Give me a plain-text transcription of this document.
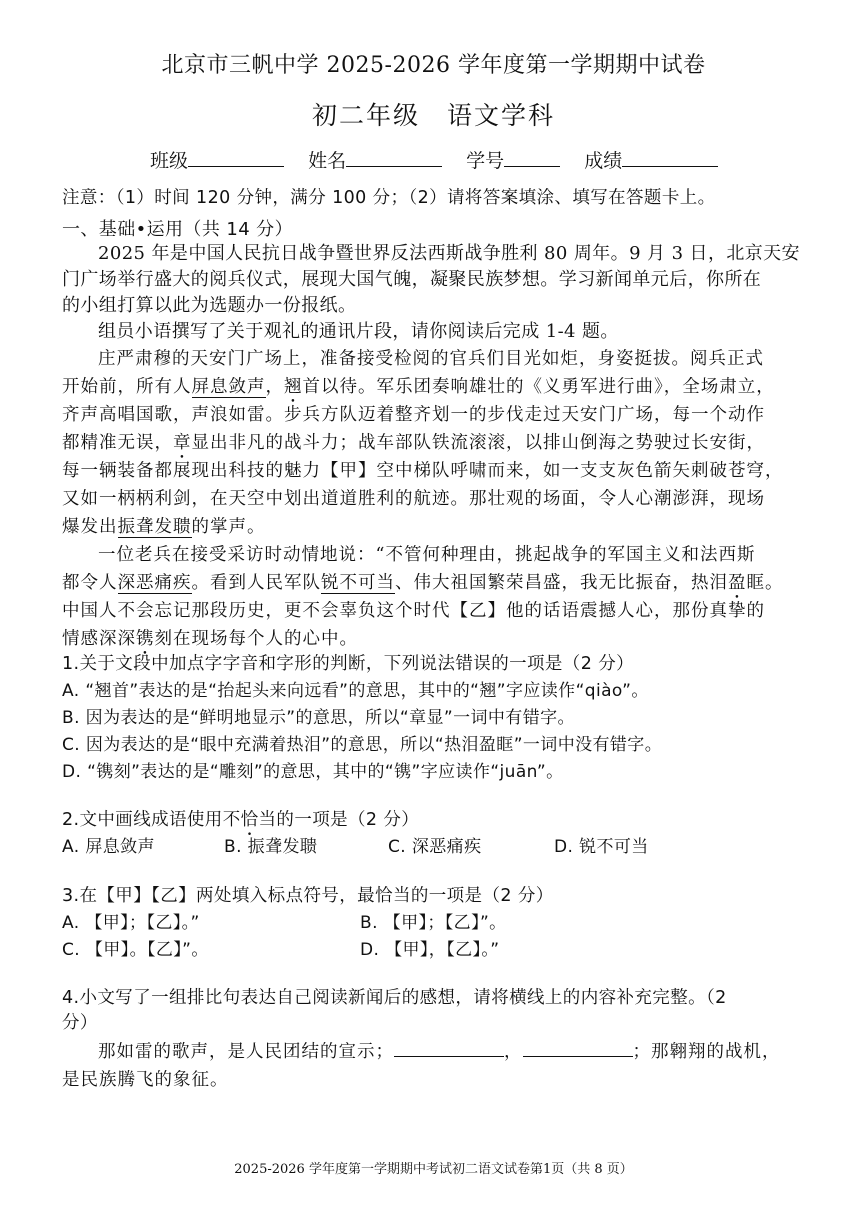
北京市三帆中学 2025-2026 学年度第一学期期中试卷
初二年级　语文学科
班级	姓名	学号	成绩
注意：（1）时间 120 分钟，满分 100 分；（2）请将答案填涂、填写在答题卡上。
一、基础•运用（共 14 分）
2025 年是中国人民抗日战争暨世界反法西斯战争胜利 80 周年。9 月 3 日，北京天安
门广场举行盛大的阅兵仪式，展现大国气魄，凝聚民族梦想。学习新闻单元后，你所在
的小组打算以此为选题办一份报纸。
组员小语撰写了关于观礼的通讯片段，请你阅读后完成 1-4 题。
庄严肃穆的天安门广场上，准备接受检阅的官兵们目光如炬，身姿挺拔。阅兵正式
开始前，所有人屏息敛声，翘首以待。军乐团奏响雄壮的《义勇军进行曲》，全场肃立，
齐声高唱国歌，声浪如雷。步兵方队迈着整齐划一的步伐走过天安门广场，每一个动作
都精准无误，章显出非凡的战斗力；战车部队铁流滚滚，以排山倒海之势驶过长安街，
每一辆装备都展现出科技的魅力【甲】空中梯队呼啸而来，如一支支灰色箭矢刺破苍穹，
又如一柄柄利剑，在天空中划出道道胜利的航迹。那壮观的场面，令人心潮澎湃，现场
爆发出振聋发聩的掌声。
一位老兵在接受采访时动情地说：“不管何种理由，挑起战争的军国主义和法西斯
都令人深恶痛疾。看到人民军队锐不可当、伟大祖国繁荣昌盛，我无比振奋，热泪盈眶。
中国人不会忘记那段历史，更不会辜负这个时代【乙】他的话语震撼人心，那份真挚的
情感深深镌刻在现场每个人的心中。
1.关于文段中加点字字音和字形的判断，下列说法错误的一项是（2 分）
A. “翘首”表达的是“抬起头来向远看”的意思，其中的“翘”字应读作“qiào”。
B. 因为表达的是“鲜明地显示”的意思，所以“章显”一词中有错字。
C. 因为表达的是“眼中充满着热泪”的意思，所以“热泪盈眶”一词中没有错字。
D. “镌刻”表达的是“雕刻”的意思，其中的“镌”字应读作“juān”。
2.文中画线成语使用不恰当的一项是（2 分）
A. 屏息敛声	B. 振聋发聩	C. 深恶痛疾	D. 锐不可当
3.在【甲】【乙】两处填入标点符号，最恰当的一项是（2 分）
A. 【甲】；【乙】。”	B. 【甲】；【乙】”。
C. 【甲】。【乙】”。	D. 【甲】，【乙】。”
4.小文写了一组排比句表达自己阅读新闻后的感想，请将横线上的内容补充完整。（2
分）
那如雷的歌声，是人民团结的宣示；	，	；那翱翔的战机，
是民族腾飞的象征。
2025-2026 学年度第一学期期中考试初二语文试卷第1页（共 8 页）
